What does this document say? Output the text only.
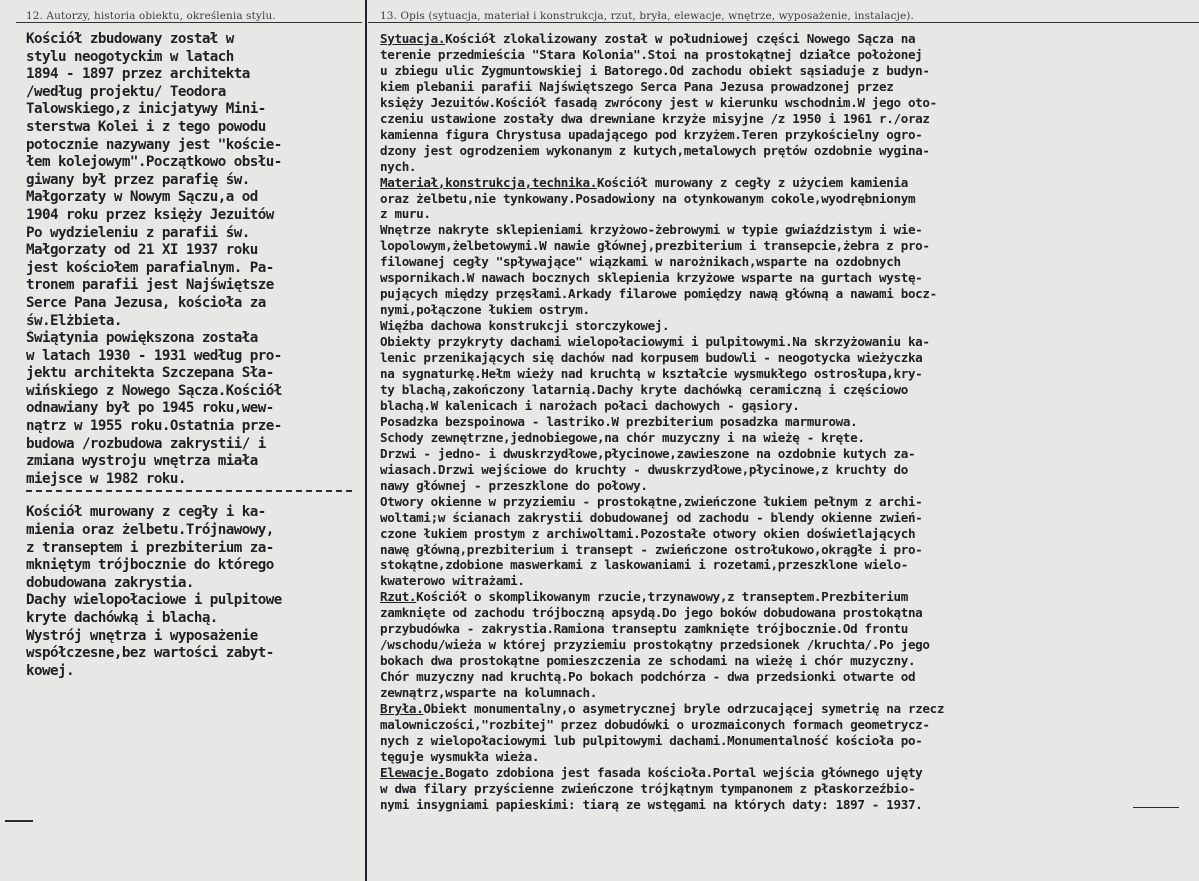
12. Autorzy, historia obiektu, określenia stylu.
Kościół zbudowany został w
stylu neogotyckim w latach
1894 - 1897 przez architekta
/według projektu/ Teodora
Talowskiego,z inicjatywy Mini-
sterstwa Kolei i z tego powodu
potocznie nazywany jest "koście-
łem kolejowym".Początkowo obsłu-
giwany był przez parafię św.
Małgorzaty w Nowym Sączu,a od
1904 roku przez księży Jezuitów
Po wydzieleniu z parafii św.
Małgorzaty od 21 XI 1937 roku
jest kościołem parafialnym. Pa-
tronem parafii jest Najświętsze
Serce Pana Jezusa, kościoła za
św.Elżbieta.
Świątynia powiększona została
w latach 1930 - 1931 według pro-
jektu architekta Szczepana Sła-
wińskiego z Nowego Sącza.Kościół
odnawiany był po 1945 roku,wew-
nątrz w 1955 roku.Ostatnia prze-
budowa /rozbudowa zakrystii/ i
zmiana wystroju wnętrza miała
miejsce w 1982 roku.
Kościół murowany z cegły i ka-
mienia oraz żelbetu.Trójnawowy,
z transeptem i prezbiterium za-
mkniętym trójbocznie do którego
dobudowana zakrystia.
Dachy wielopołaciowe i pulpitowe
kryte dachówką i blachą.
Wystrój wnętrza i wyposażenie
współczesne,bez wartości zabyt-
kowej.
13. Opis (sytuacja, materiał i konstrukcja, rzut, bryła, elewacje, wnętrze, wyposażenie, instalacje).
Sytuacja.Kościół zlokalizowany został w południowej części Nowego Sącza na
terenie przedmieścia "Stara Kolonia".Stoi na prostokątnej działce położonej
u zbiegu ulic Zygmuntowskiej i Batorego.Od zachodu obiekt sąsiaduje z budyn-
kiem plebanii parafii Najświętszego Serca Pana Jezusa prowadzonej przez
księży Jezuitów.Kościół fasadą zwrócony jest w kierunku wschodnim.W jego oto-
czeniu ustawione zostały dwa drewniane krzyże misyjne /z 1950 i 1961 r./oraz
kamienna figura Chrystusa upadającego pod krzyżem.Teren przykościelny ogro-
dzony jest ogrodzeniem wykonanym z kutych,metalowych prętów ozdobnie wygina-
nych.
Materiał,konstrukcja,technika.Kościół murowany z cegły z użyciem kamienia
oraz żelbetu,nie tynkowany.Posadowiony na otynkowanym cokole,wyodrębnionym
z muru.
Wnętrze nakryte sklepieniami krzyżowo-żebrowymi w typie gwiaździstym i wie-
lopolowym,żelbetowymi.W nawie głównej,prezbiterium i transepcie,żebra z pro-
filowanej cegły "spływające" wiązkami w narożnikach,wsparte na ozdobnych
wspornikach.W nawach bocznych sklepienia krzyżowe wsparte na gurtach wystę-
pujących między przęsłami.Arkady filarowe pomiędzy nawą główną a nawami bocz-
nymi,połączone łukiem ostrym.
Więźba dachowa konstrukcji storczykowej.
Obiekty przykryty dachami wielopołaciowymi i pulpitowymi.Na skrzyżowaniu ka-
lenic przenikających się dachów nad korpusem budowli - neogotycka wieżyczka
na sygnaturkę.Hełm wieży nad kruchtą w kształcie wysmukłego ostrosłupa,kry-
ty blachą,zakończony latarnią.Dachy kryte dachówką ceramiczną i częściowo
blachą.W kalenicach i narożach połaci dachowych - gąsiory.
Posadzka bezspoinowa - lastriko.W prezbiterium posadzka marmurowa.
Schody zewnętrzne,jednobiegowe,na chór muzyczny i na wieżę - kręte.
Drzwi - jedno- i dwuskrzydłowe,płycinowe,zawieszone na ozdobnie kutych za-
wiasach.Drzwi wejściowe do kruchty - dwuskrzydłowe,płycinowe,z kruchty do
nawy głównej - przeszklone do połowy.
Otwory okienne w przyziemiu - prostokątne,zwieńczone łukiem pełnym z archi-
woltami;w ścianach zakrystii dobudowanej od zachodu - blendy okienne zwień-
czone łukiem prostym z archiwoltami.Pozostałe otwory okien doświetlających
nawę główną,prezbiterium i transept - zwieńczone ostrołukowo,okrągłe i pro-
stokątne,zdobione maswerkami z laskowaniami i rozetami,przeszklone wielo-
kwaterowo witrażami.
Rzut.Kościół o skomplikowanym rzucie,trzynawowy,z transeptem.Prezbiterium
zamknięte od zachodu trójboczną apsydą.Do jego boków dobudowana prostokątna
przybudówka - zakrystia.Ramiona transeptu zamknięte trójbocznie.Od frontu
/wschodu/wieża w której przyziemiu prostokątny przedsionek /kruchta/.Po jego
bokach dwa prostokątne pomieszczenia ze schodami na wieżę i chór muzyczny.
Chór muzyczny nad kruchtą.Po bokach podchórza - dwa przedsionki otwarte od
zewnątrz,wsparte na kolumnach.
Bryła.Obiekt monumentalny,o asymetrycznej bryle odrzucającej symetrię na rzecz
malowniczości,"rozbitej" przez dobudówki o urozmaiconych formach geometrycz-
nych z wielopołaciowymi lub pulpitowymi dachami.Monumentalność kościoła po-
tęguje wysmukła wieża.
Elewacje.Bogato zdobiona jest fasada kościoła.Portal wejścia głównego ujęty
w dwa filary przyścienne zwieńczone trójkątnym tympanonem z płaskorzeźbio-
nymi insygniami papieskimi: tiarą ze wstęgami na których daty: 1897 - 1937.
